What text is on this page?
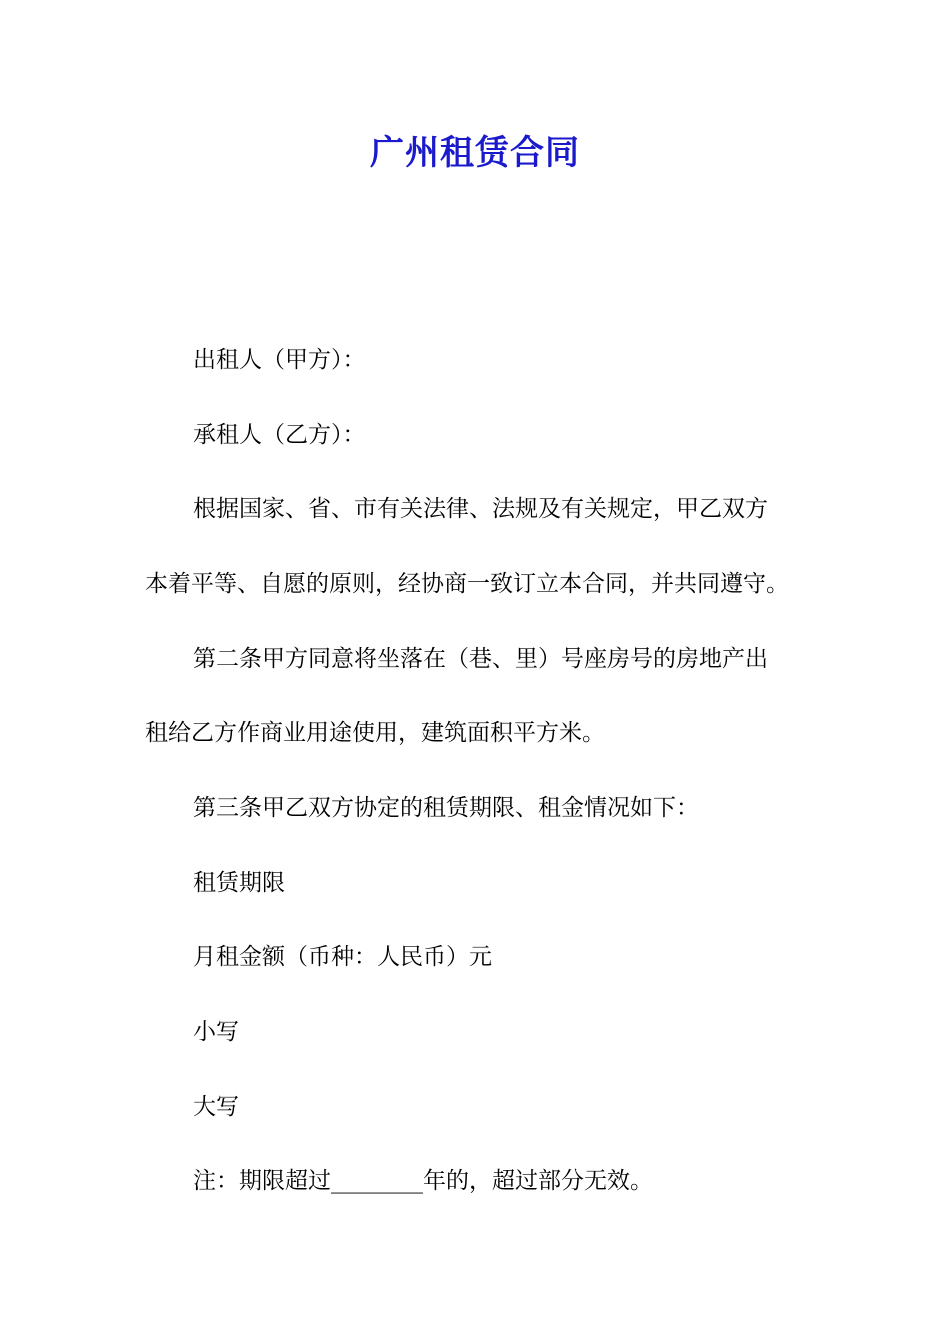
广州租赁合同
出租人（甲方）：
承租人（乙方）：
根据国家、省、市有关法律、法规及有关规定，甲乙双方
本着平等、自愿的原则，经协商一致订立本合同，并共同遵守。
第二条甲方同意将坐落在（巷、里）号座房号的房地产出
租给乙方作商业用途使用，建筑面积平方米。
第三条甲乙双方协定的租赁期限、租金情况如下：
租赁期限
月租金额（币种：人民币）元
小写
大写
注：期限超过________年的，超过部分无效。
